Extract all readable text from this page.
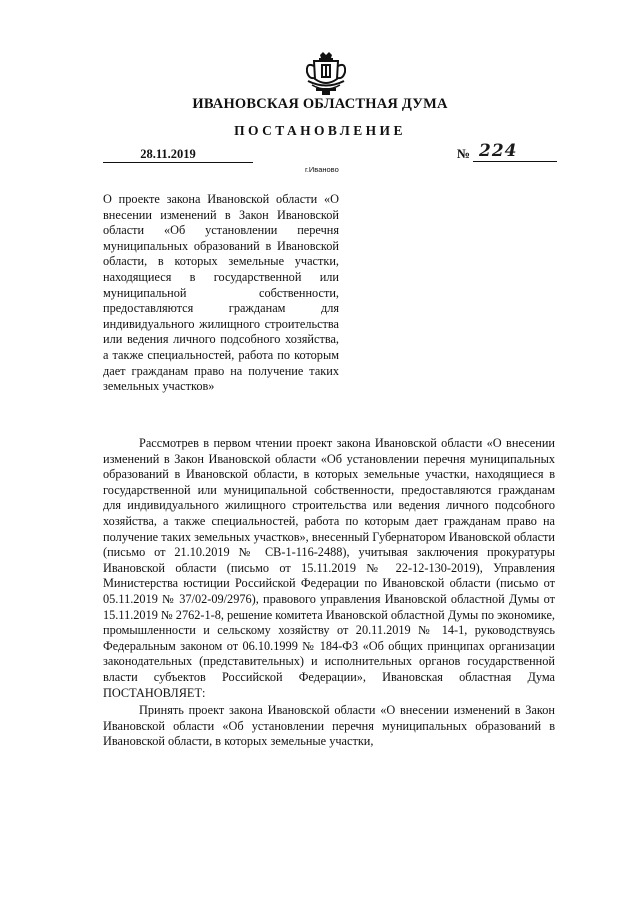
ИВАНОВСКАЯ ОБЛАСТНАЯ ДУМА
ПОСТАНОВЛЕНИЕ
28.11.2019	№ 224
г.Иваново
О проекте закона Ивановской области «О внесении изменений в Закон Ивановской области «Об установлении перечня муниципальных образований в Ивановской области, в которых земельные участки, находящиеся в государственной или муниципальной собственности, предоставляются гражданам для индивидуального жилищного строительства или ведения личного подсобного хозяйства, а также специальностей, работа по которым дает гражданам право на получение таких земельных участков»

Рассмотрев в первом чтении проект закона Ивановской области «О внесении изменений в Закон Ивановской области «Об установлении перечня муниципальных образований в Ивановской области, в которых земельные участки, находящиеся в государственной или муниципальной собственности, предоставляются гражданам для индивидуального жилищного строительства или ведения личного подсобного хозяйства, а также специальностей, работа по которым дает гражданам право на получение таких земельных участков», внесенный Губернатором Ивановской области (письмо от 21.10.2019 № СВ-1-116-2488), учитывая заключения прокуратуры Ивановской области (письмо от 15.11.2019 № 22-12-130-2019), Управления Министерства юстиции Российской Федерации по Ивановской области (письмо от 05.11.2019 № 37/02-09/2976), правового управления Ивановской областной Думы от 15.11.2019 № 2762-1-8, решение комитета Ивановской областной Думы по экономике, промышленности и сельскому хозяйству от 20.11.2019 № 14-1, руководствуясь Федеральным законом от 06.10.1999 № 184-ФЗ «Об общих принципах организации законодательных (представительных) и исполнительных органов государственной власти субъектов Российской Федерации», Ивановская областная Дума ПОСТАНОВЛЯЕТ:

Принять проект закона Ивановской области «О внесении изменений в Закон Ивановской области «Об установлении перечня муниципальных образований в Ивановской области, в которых земельные участки,
